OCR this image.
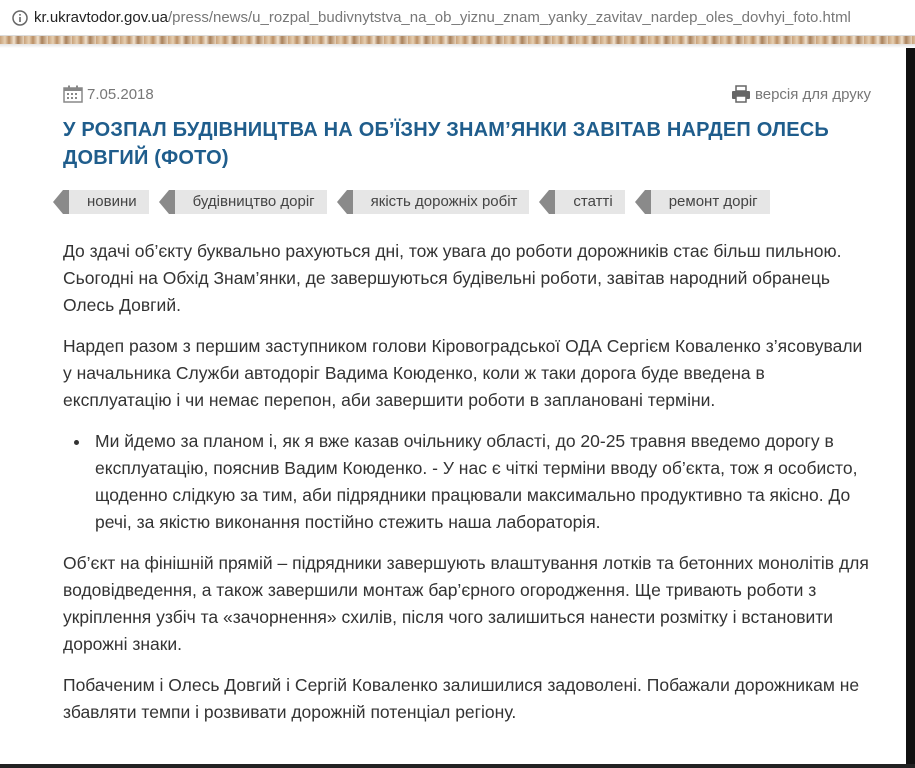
kr.ukravtodor.gov.ua/press/news/u_rozpal_budivnytstva_na_ob_yiznu_znam_yanky_zavitav_nardep_oles_dovhyi_foto.html
7.05.2018	версія для друку
У РОЗПАЛ БУДІВНИЦТВА НА ОБ’ЇЗНУ ЗНАМ’ЯНКИ ЗАВІТАВ НАРДЕП ОЛЕСЬ ДОВГИЙ (ФОТО)
новини	будівництво доріг	якість дорожніх робіт	статті	ремонт доріг

До здачі об’єкту буквально рахуються дні, тож увага до роботи дорожників стає більш пильною. Сьогодні на Обхід Знам’янки, де завершуються будівельні роботи, завітав народний обранець Олесь Довгий.

Нардеп разом з першим заступником голови Кіровоградської ОДА Сергієм Коваленко з’ясовували у начальника Служби автодоріг Вадима Коюденко, коли ж таки дорога буде введена в експлуатацію і чи немає перепон, аби завершити роботи в заплановані терміни.

• Ми йдемо за планом і, як я вже казав очільнику області, до 20-25 травня введемо дорогу в експлуатацію, пояснив Вадим Коюденко. - У нас є чіткі терміни вводу об’єкта, тож я особисто, щоденно слідкую за тим, аби підрядники працювали максимально продуктивно та якісно. До речі, за якістю виконання постійно стежить наша лабораторія.

Об’єкт на фінішній прямій – підрядники завершують влаштування лотків та бетонних монолітів для водовідведення, а також завершили монтаж бар’єрного огородження. Ще тривають роботи з укріплення узбіч та «зачорнення» схилів, після чого залишиться нанести розмітку і встановити дорожні знаки.

Побаченим і Олесь Довгий і Сергій Коваленко залишилися задоволені. Побажали дорожникам не збавляти темпи і розвивати дорожній потенціал регіону.
